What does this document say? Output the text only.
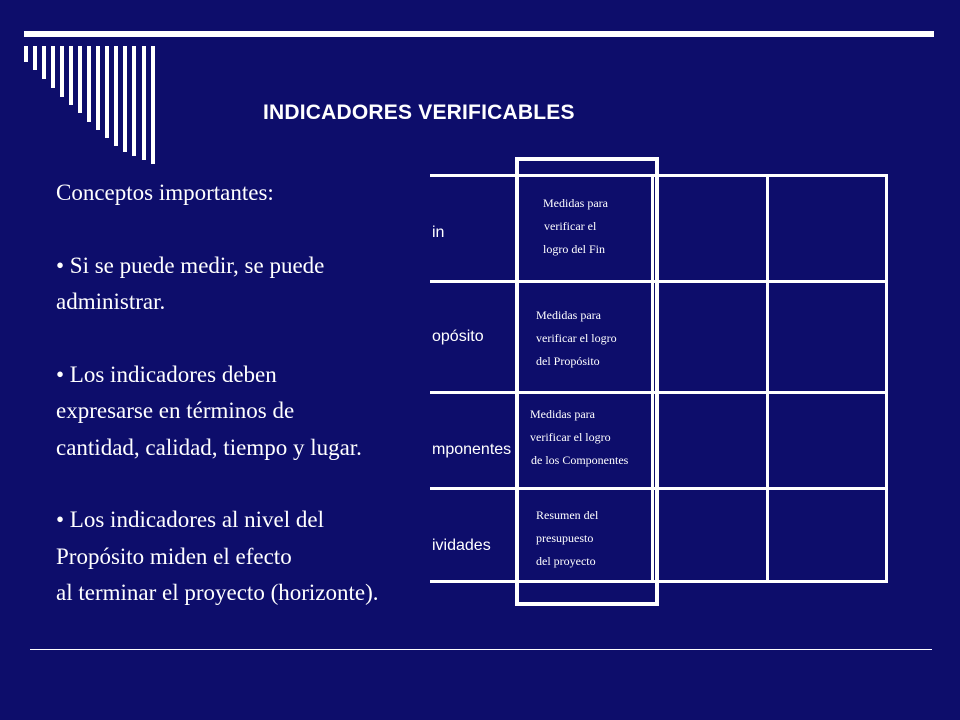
INDICADORES VERIFICABLES
in
opósito
mponentes
ividades
Medidas para
verificar el
logro del Fin
Medidas para
verificar el logro
del Propósito
Medidas para
verificar el logro
de los Componentes
Resumen del
presupuesto
del proyecto

Conceptos importantes:

• Si se puede medir, se puede

administrar.

• Los indicadores deben

expresarse en términos de

cantidad, calidad, tiempo y lugar.

• Los indicadores al nivel del

Propósito miden el efecto

al terminar el proyecto (horizonte).
